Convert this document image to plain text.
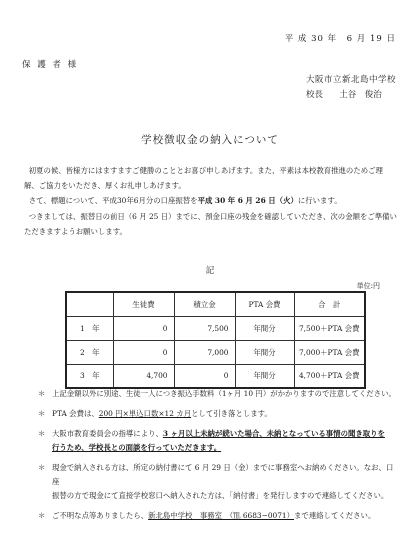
平 成 30 年　6 月 19 日
保 護 者 様
大阪市立新北島中学校
校長 土谷　俊治
学校徴収金の納入について

初夏の候、皆様方にはますますご健勝のこととお喜び申しあげます。また、平素は本校教育推進のためご理

解、ご協力をいただき、厚くお礼申しあげます。

さて、標題について、平成30年6月分の口座振替を平成 30 年 6 月 26 日（火）に行います。

つきましては、振替日の前日（6 月 25 日）までに、預金口座の残金を確認していただき、次の金額をご準備い

ただきますようお願いします。

記
単位:円
	生徒費	積立金	PTA 会費	合　計
1　年	0	7,500	年間分	7,500＋PTA 会費
2　年	0	7,000	年間分	7,000＋PTA 会費
3　年	4,700	0	年間分	4,700＋PTA 会費
＊ 上記金額以外に別途、生徒一人につき振込手数料（1ヶ月 10 円）がかかりますので注意してください。
＊ PTA 会費は、200 円×単込口数×12 カ月として引き落とします。
＊ 大阪市教育委員会の指導により、3 ヶ月以上未納が続いた場合、未納となっている事情の聞き取りを
行うため、学校長との面談を行っていただきます。
＊ 現金で納入される方は、所定の納付書にて 6 月 29 日（金）までに事務室へお納めください。なお、口座
振替の方で現金にて直接学校窓口へ納入された方は、「納付書」を発行しますので連絡してください。
＊ ご不明な点等ありましたら、新北島中学校　事務室　（℡ 6683−0071）まで連絡してください。
